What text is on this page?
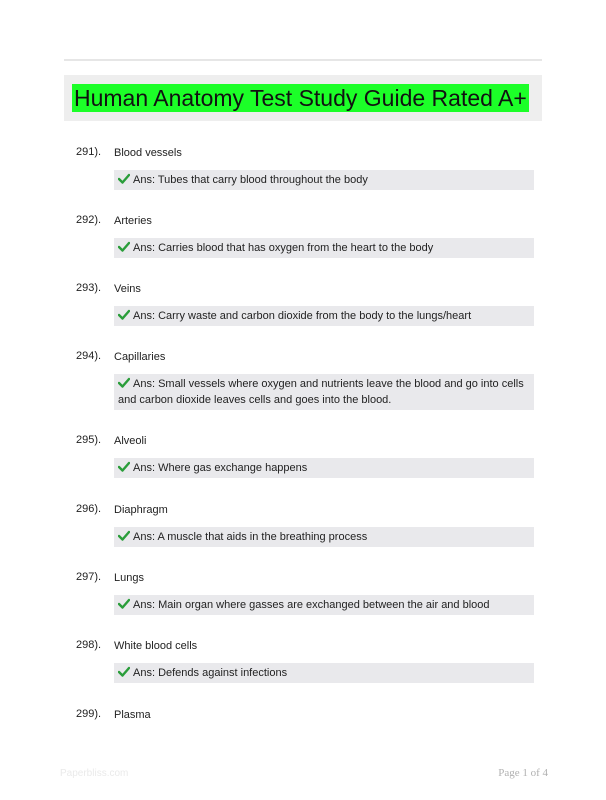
Human Anatomy Test Study Guide Rated A+
291). Blood vessels
Ans: Tubes that carry blood throughout the body
292). Arteries
Ans: Carries blood that has oxygen from the heart to the body
293). Veins
Ans: Carry waste and carbon dioxide from the body to the lungs/heart
294). Capillaries
Ans: Small vessels where oxygen and nutrients leave the blood and go into cells and carbon dioxide leaves cells and goes into the blood.
295). Alveoli
Ans: Where gas exchange happens
296). Diaphragm
Ans: A muscle that aids in the breathing process
297). Lungs
Ans: Main organ where gasses are exchanged between the air and blood
298). White blood cells
Ans: Defends against infections
299). Plasma
Paperbliss.com	Page 1 of 4
